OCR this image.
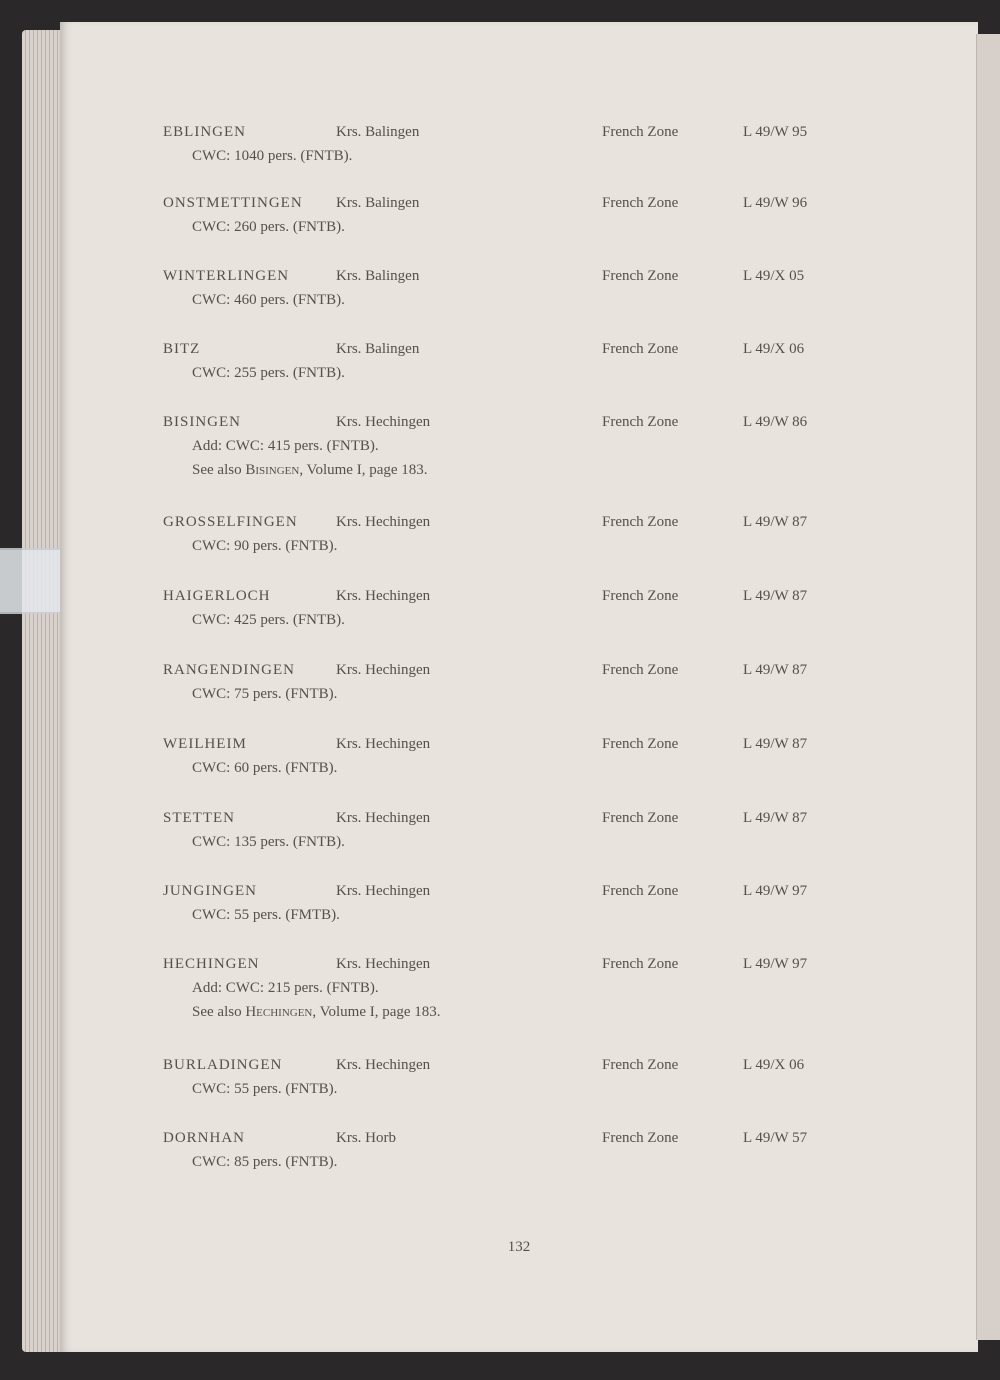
132
EBLINGEN	Krs. Balingen	French Zone	L 49/W 95
CWC: 1040 pers. (FNTB).
ONSTMETTINGEN Krs. Balingen	French Zone	L 49/W 96
CWC: 260 pers. (FNTB).
WINTERLINGEN	Krs. Balingen	French Zone	L 49/X 05
CWC: 460 pers. (FNTB).
BITZ	Krs. Balingen	French Zone	L 49/X 06
CWC: 255 pers. (FNTB).
BISINGEN	Krs. Hechingen	French Zone	L 49/W 86
Add: CWC: 415 pers. (FNTB).
See also Bisingen, Volume I, page 183.
GROSSELFINGEN	Krs. Hechingen	French Zone	L 49/W 87
CWC: 90 pers. (FNTB).
HAIGERLOCH	Krs. Hechingen	French Zone	L 49/W 87
CWC: 425 pers. (FNTB).
RANGENDINGEN	Krs. Hechingen	French Zone	L 49/W 87
CWC: 75 pers. (FNTB).
WEILHEIM	Krs. Hechingen	French Zone	L 49/W 87
CWC: 60 pers. (FNTB).
STETTEN	Krs. Hechingen	French Zone	L 49/W 87
CWC: 135 pers. (FNTB).
JUNGINGEN	Krs. Hechingen	French Zone	L 49/W 97
CWC: 55 pers. (FMTB).
HECHINGEN	Krs. Hechingen	French Zone	L 49/W 97
Add: CWC: 215 pers. (FNTB).
See also Hechingen, Volume I, page 183.
BURLADINGEN	Krs. Hechingen	French Zone	L 49/X 06
CWC: 55 pers. (FNTB).
DORNHAN	Krs. Horb	French Zone	L 49/W 57
CWC: 85 pers. (FNTB).
